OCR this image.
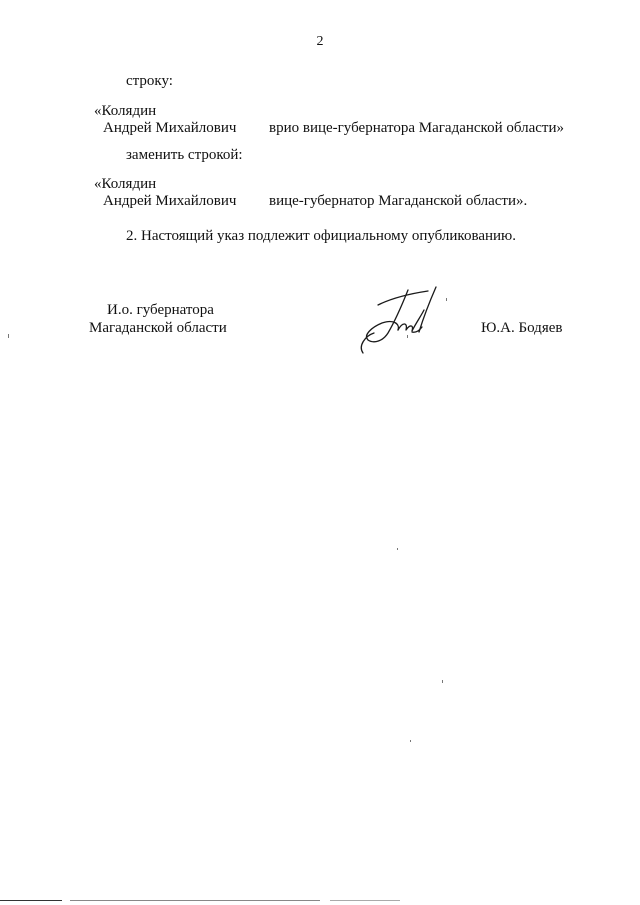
2
строку:
«Колядин
Андрей Михайлович врио вице-губернатора Магаданской области»
заменить строкой:
«Колядин
Андрей Михайлович вице-губернатор Магаданской области».
2. Настоящий указ подлежит официальному опубликованию.
И.о. губернатора
Магаданской области	Ю.А. Бодяев
